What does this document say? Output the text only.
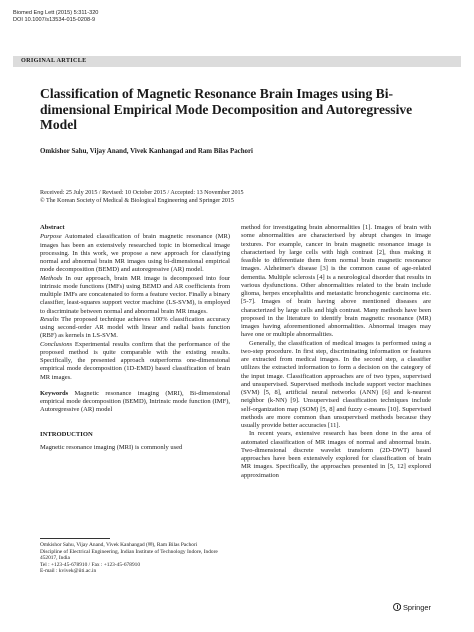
Biomed Eng Lett (2015) 5:311-320
DOI 10.1007/s13534-015-0208-9
ORIGINAL ARTICLE
Classification of Magnetic Resonance Brain Images using Bi-dimensional Empirical Mode Decomposition and Autoregressive Model
Omkishor Sahu, Vijay Anand, Vivek Kanhangad and Ram Bilas Pachori
Received: 25 July 2015 / Revised: 10 October 2015 / Accepted: 13 November 2015
© The Korean Society of Medical & Biological Engineering and Springer 2015
Abstract

Purpose Automated classification of brain magnetic resonance (MR) images has been an extensively researched topic in biomedical image processing. In this work, we propose a new approach for classifying normal and abnormal brain MR images using bi-dimensional empirical mode decomposition (BEMD) and autoregressive (AR) model.

Methods In our approach, brain MR image is decomposed into four intrinsic mode functions (IMFs) using BEMD and AR coefficients from multiple IMFs are concatenated to form a feature vector. Finally a binary classifier, least-squares support vector machine (LS-SVM), is employed to discriminate between normal and abnormal brain MR images.

Results The proposed technique achieves 100% classification accuracy using second-order AR model with linear and radial basis function (RBF) as kernels in LS-SVM.

Conclusions Experimental results confirm that the performance of the proposed method is quite comparable with the existing results. Specifically, the presented approach outperforms one-dimensional empirical mode decomposition (1D-EMD) based classification of brain MR images.

Keywords Magnetic resonance imaging (MRI), Bi-dimensional empirical mode decomposition (BEMD), Intrinsic mode function (IMF), Autoregressive (AR) model

INTRODUCTION

Magnetic resonance imaging (MRI) is commonly used

Omkishor Sahu, Vijay Anand, Vivek Kanhangad (✉), Ram Bilas Pachori
Discipline of Electrical Engineering, Indian Institute of Technology Indore, Indore 452017, India
Tel : +123-45-678910 / Fax : +123-45-678910
E-mail : kvivek@iiti.ac.in

method for investigating brain abnormalities [1]. Images of brain with some abnormalities are characterised by abrupt changes in image textures. For example, cancer in brain magnetic resonance image is characterised by large cells with high contrast [2], thus making it feasible to differentiate them from normal brain magnetic resonance images. Alzheimer's disease [3] is the common cause of age-related dementia. Multiple sclerosis [4] is a neurological disorder that results in various dysfunctions. Other abnormalities related to the brain include glioma, herpes encephalitis and metastatic bronchogenic carcinoma etc. [5-7]. Images of brain having above mentioned diseases are characterized by large cells and high contrast. Many methods have been proposed in the literature to identify brain magnetic resonance (MR) images having aforementioned abnormalities. Abnormal images may have one or multiple abnormalities.

Generally, the classification of medical images is performed using a two-step procedure. In first step, discriminating information or features are extracted from medical images. In the second step, a classifier utilizes the extracted information to form a decision on the category of the input image. Classification approaches are of two types, supervised and unsupervised. Supervised methods include support vector machines (SVM) [5, 8], artificial neural networks (ANN) [6] and k-nearest neighbor (k-NN) [9]. Unsupervised classification techniques include self-organization map (SOM) [5, 8] and fuzzy c-means [10]. Supervised methods are more common than unsupervised methods because they usually provide better accuracies [11].

In recent years, extensive research has been done in the area of automated classification of MR images of normal and abnormal brain. Two-dimensional discrete wavelet transform (2D-DWT) based approaches have been extensively explored for classification of brain MR images. Specifically, the approaches presented in [5, 12] explored approximation

Springer
